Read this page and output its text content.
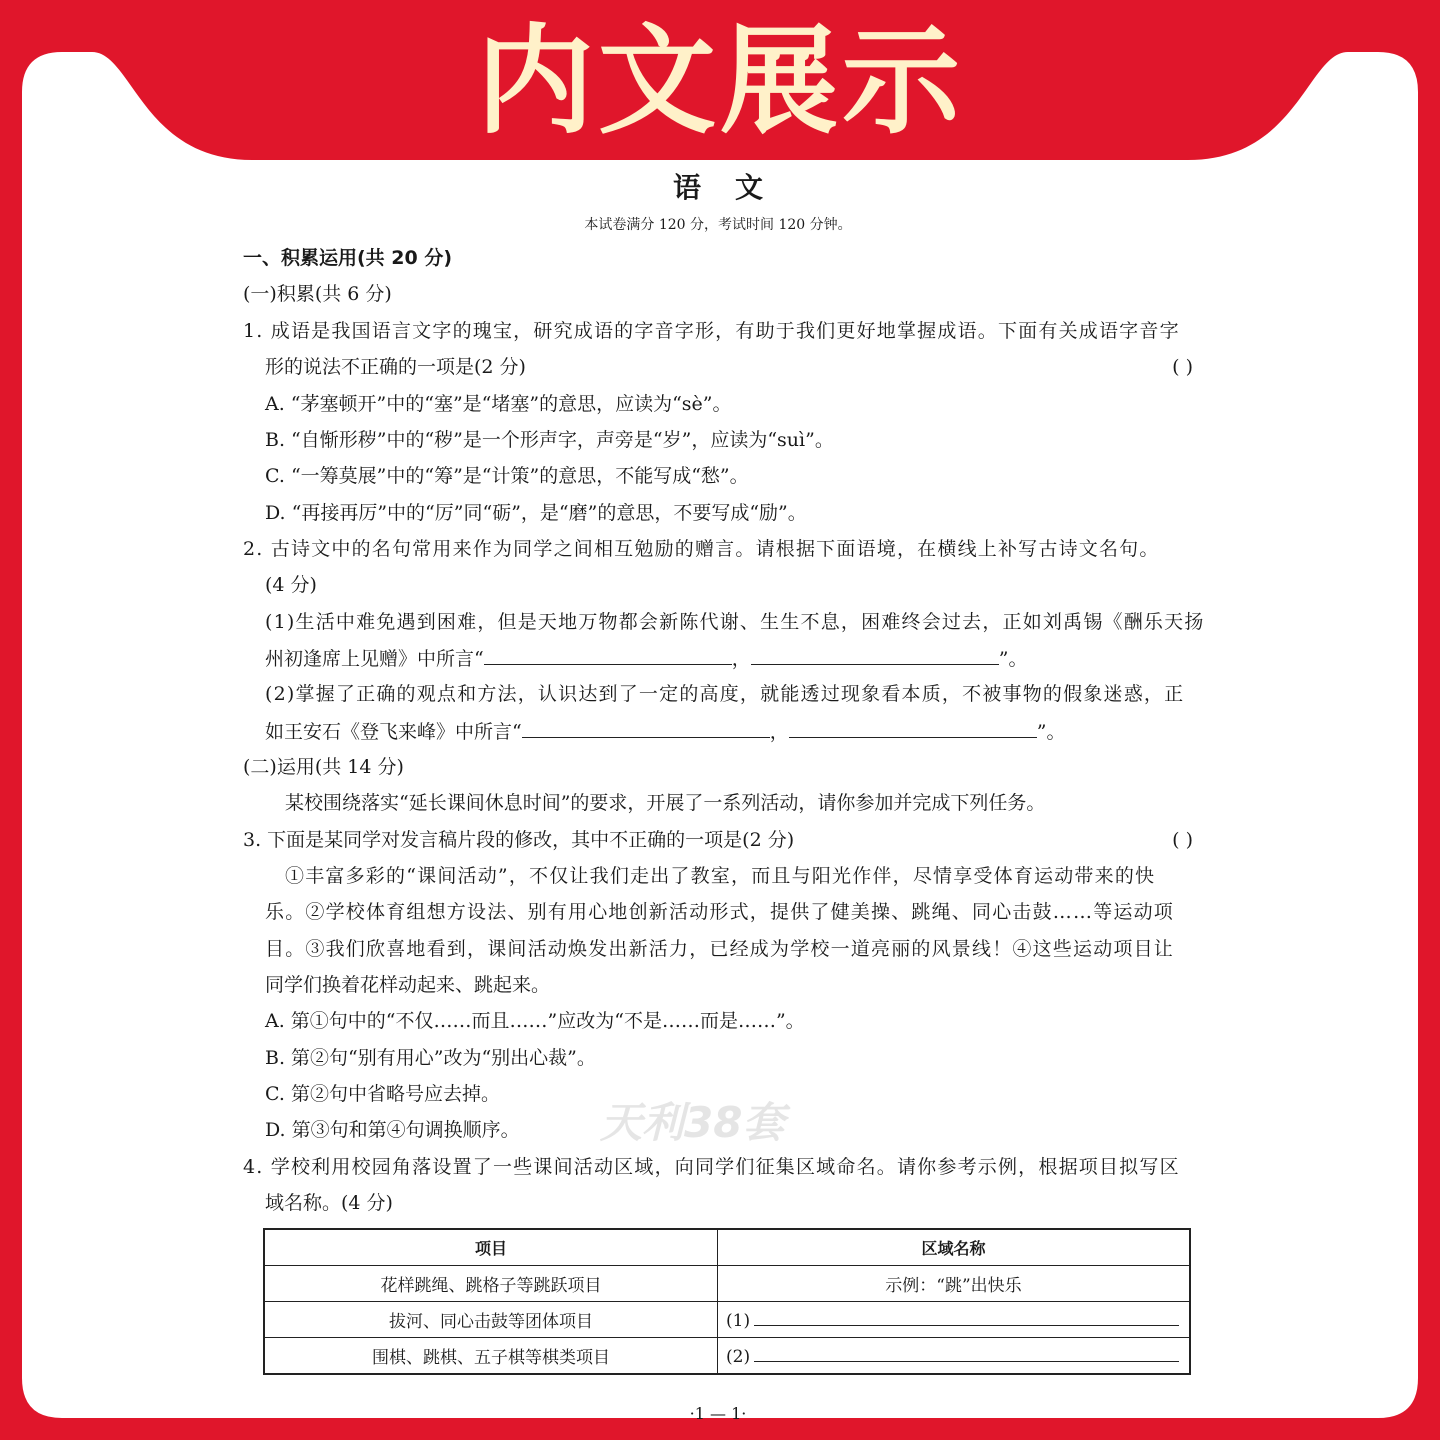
内文展示
语文
本试卷满分 120 分，考试时间 120 分钟。
一、积累运用(共 20 分)
(一)积累(共 6 分)
1. 成语是我国语言文字的瑰宝，研究成语的字音字形，有助于我们更好地掌握成语。下面有关成语字音字
形的说法不正确的一项是(2 分)	( )
A. “茅塞顿开”中的“塞”是“堵塞”的意思，应读为“sè”。
B. “自惭形秽”中的“秽”是一个形声字，声旁是“岁”，应读为“suì”。
C. “一筹莫展”中的“筹”是“计策”的意思，不能写成“愁”。
D. “再接再厉”中的“厉”同“砺”，是“磨”的意思，不要写成“励”。
2. 古诗文中的名句常用来作为同学之间相互勉励的赠言。请根据下面语境，在横线上补写古诗文名句。
(4 分)
(1)生活中难免遇到困难，但是天地万物都会新陈代谢、生生不息，困难终会过去，正如刘禹锡《酬乐天扬
州初逢席上见赠》中所言“	，	”。
(2)掌握了正确的观点和方法，认识达到了一定的高度，就能透过现象看本质，不被事物的假象迷惑，正
如王安石《登飞来峰》中所言“	，	”。
(二)运用(共 14 分)
某校围绕落实“延长课间休息时间”的要求，开展了一系列活动，请你参加并完成下列任务。
3. 下面是某同学对发言稿片段的修改，其中不正确的一项是(2 分)	( )
①丰富多彩的“课间活动”，不仅让我们走出了教室，而且与阳光作伴，尽情享受体育运动带来的快
乐。②学校体育组想方设法、别有用心地创新活动形式，提供了健美操、跳绳、同心击鼓……等运动项
目。③我们欣喜地看到，课间活动焕发出新活力，已经成为学校一道亮丽的风景线！④这些运动项目让
同学们换着花样动起来、跳起来。
A. 第①句中的“不仅……而且……”应改为“不是……而是……”。
B. 第②句“别有用心”改为“别出心裁”。
C. 第②句中省略号应去掉。
D. 第③句和第④句调换顺序。
4. 学校利用校园角落设置了一些课间活动区域，向同学们征集区域命名。请你参考示例，根据项目拟写区
域名称。(4 分)
项目	区域名称
花样跳绳、跳格子等跳跃项目	示例：“跳”出快乐
拔河、同心击鼓等团体项目	(1)
围棋、跳棋、五子棋等棋类项目	(2)
·1 — 1·
天利38套
